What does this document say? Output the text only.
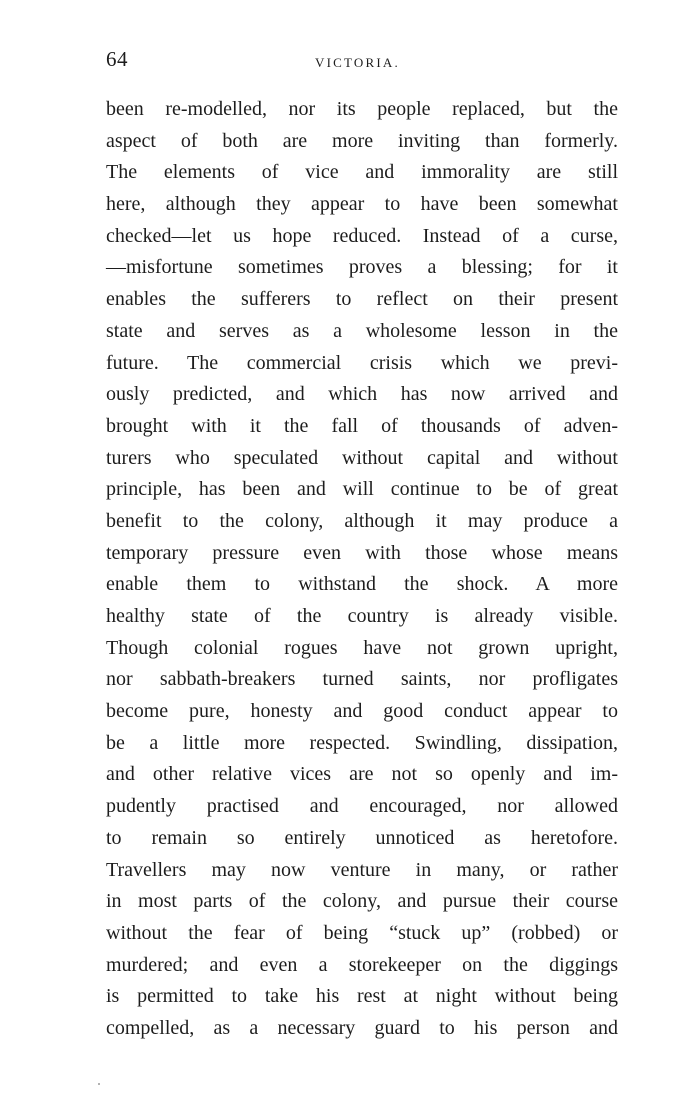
64	VICTORIA.
been re-modelled, nor its people replaced, but the
aspect of both are more inviting than formerly.
The elements of vice and immorality are still
here, although they appear to have been somewhat
checked—let us hope reduced. Instead of a curse,
—misfortune sometimes proves a blessing; for it
enables the sufferers to reflect on their present
state and serves as a wholesome lesson in the
future. The commercial crisis which we previ-
ously predicted, and which has now arrived and
brought with it the fall of thousands of adven-
turers who speculated without capital and without
principle, has been and will continue to be of great
benefit to the colony, although it may produce a
temporary pressure even with those whose means
enable them to withstand the shock. A more
healthy state of the country is already visible.
Though colonial rogues have not grown upright,
nor sabbath-breakers turned saints, nor profligates
become pure, honesty and good conduct appear to
be a little more respected. Swindling, dissipation,
and other relative vices are not so openly and im-
pudently practised and encouraged, nor allowed
to remain so entirely unnoticed as heretofore.
Travellers may now venture in many, or rather
in most parts of the colony, and pursue their course
without the fear of being “stuck up” (robbed) or
murdered; and even a storekeeper on the diggings
is permitted to take his rest at night without being
compelled, as a necessary guard to his person and
